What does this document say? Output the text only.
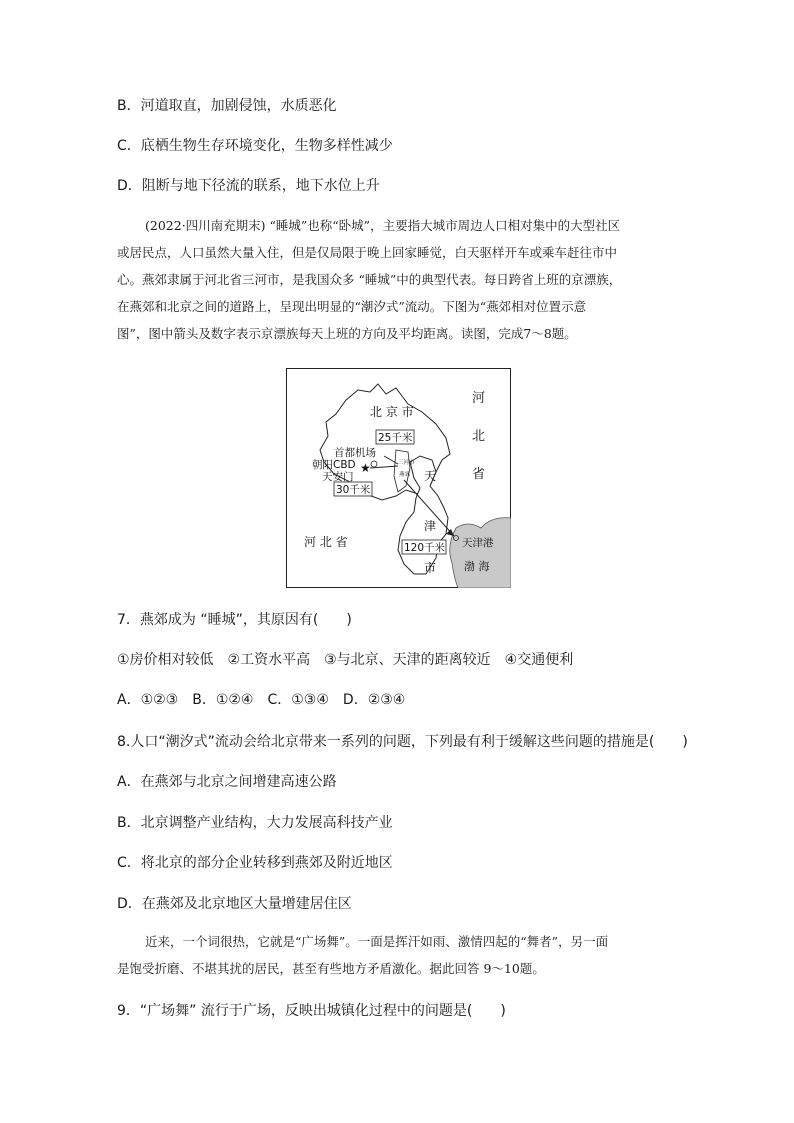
B．河道取直，加剧侵蚀，水质恶化
C．底栖生物生存环境变化，生物多样性减少
D．阻断与地下径流的联系，地下水位上升
(2022·四川南充期末) “睡城”也称“卧城”，主要指大城市周边人口相对集中的大型社区
或居民点，人口虽然大量入住，但是仅局限于晚上回家睡觉，白天驱样开车或乘车赶往市中
心。燕郊隶属于河北省三河市，是我国众多 “睡城”中的典型代表。每日跨省上班的京漂族，
在燕郊和北京之间的道路上，呈现出明显的“潮汐式”流动。下图为“燕郊相对位置示意
图”，图中箭头及数字表示京漂族每天上班的方向及平均距离。读图，完成7～8题。
★
北 京 市
河
北
省
河 北 省
天
津
市
首都机场
朝阳CBD
天安门
天津港
渤 海
三河市
燕郊
25千米
30千米
120千米
7．燕郊成为 “睡城”，其原因有(　　)
①房价相对较低　②工资水平高　③与北京、天津的距离较近　④交通便利
A．①②③　B．①②④　C．①③④　D．②③④
8.人口“潮汐式”流动会给北京带来一系列的问题，下列最有利于缓解这些问题的措施是(　　)
A．在燕郊与北京之间增建高速公路
B．北京调整产业结构，大力发展高科技产业
C．将北京的部分企业转移到燕郊及附近地区
D．在燕郊及北京地区大量增建居住区
近来，一个词很热，它就是“广场舞”。一面是挥汗如雨、激情四起的“舞者”，另一面
是饱受折磨、不堪其扰的居民，甚至有些地方矛盾激化。据此回答 9～10题。
9．“广场舞” 流行于广场，反映出城镇化过程中的问题是(　　)
